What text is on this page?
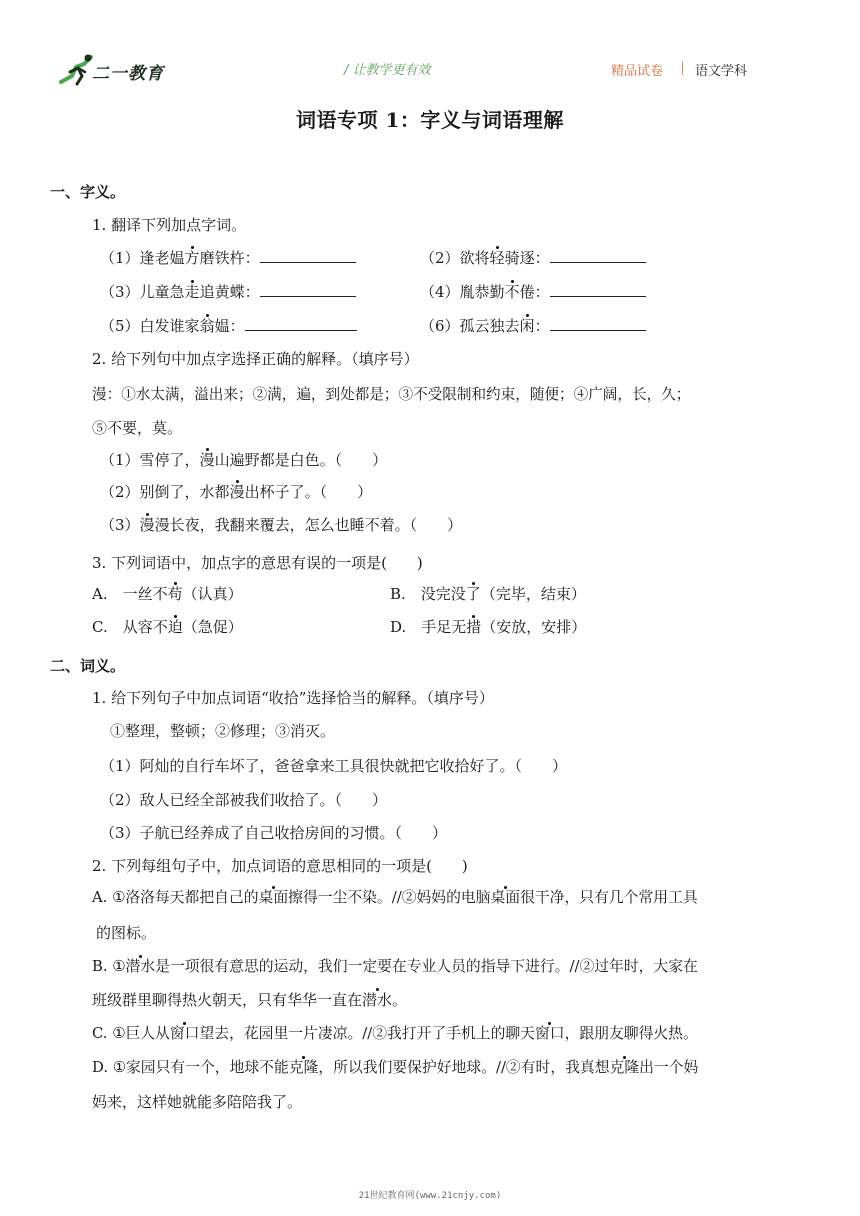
二一教育	/ 让教学更有效	精品试卷 语文学科
词语专项 1：字义与词语理解
一、字义。
1. 翻译下列加点字词。
（1）逢老媪方磨铁杵：	（2）欲将轻骑逐：
（3）儿童急走追黄蝶：	（4）胤恭勤不倦：
（5）白发谁家翁媪：	（6）孤云独去闲：
2. 给下列句中加点字选择正确的解释。（填序号）
漫：①水太满，溢出来；②满，遍，到处都是；③不受限制和约束，随便；④广阔，长，久；
⑤不要，莫。
（1）雪停了，漫山遍野都是白色。（　　）
（2）别倒了，水都漫出杯子了。（　　）
（3）漫漫长夜，我翻来覆去，怎么也睡不着。（　　）
3. 下列词语中，加点字的意思有误的一项是(　　)
A.　一丝不苟（认真）	B.　没完没了（完毕，结束）
C.　从容不迫（急促）	D.　手足无措（安放，安排）
二、词义。
1. 给下列句子中加点词语“收拾”选择恰当的解释。（填序号）
①整理，整顿；②修理；③消灭。
（1）阿灿的自行车坏了，爸爸拿来工具很快就把它收拾好了。（　　）
（2）敌人已经全部被我们收拾了。（　　）
（3）子航已经养成了自己收拾房间的习惯。（　　）
2. 下列每组句子中，加点词语的意思相同的一项是(　　)
A. ①洛洛每天都把自己的桌面擦得一尘不染。//②妈妈的电脑桌面很干净，只有几个常用工具
的图标。
B. ①潜水是一项很有意思的运动，我们一定要在专业人员的指导下进行。//②过年时，大家在
班级群里聊得热火朝天，只有华华一直在潜水。
C. ①巨人从窗口望去，花园里一片凄凉。//②我打开了手机上的聊天窗口，跟朋友聊得火热。
D. ①家园只有一个，地球不能克隆，所以我们要保护好地球。//②有时，我真想克隆出一个妈
妈来，这样她就能多陪陪我了。
21世纪教育网(www.21cnjy.com)
